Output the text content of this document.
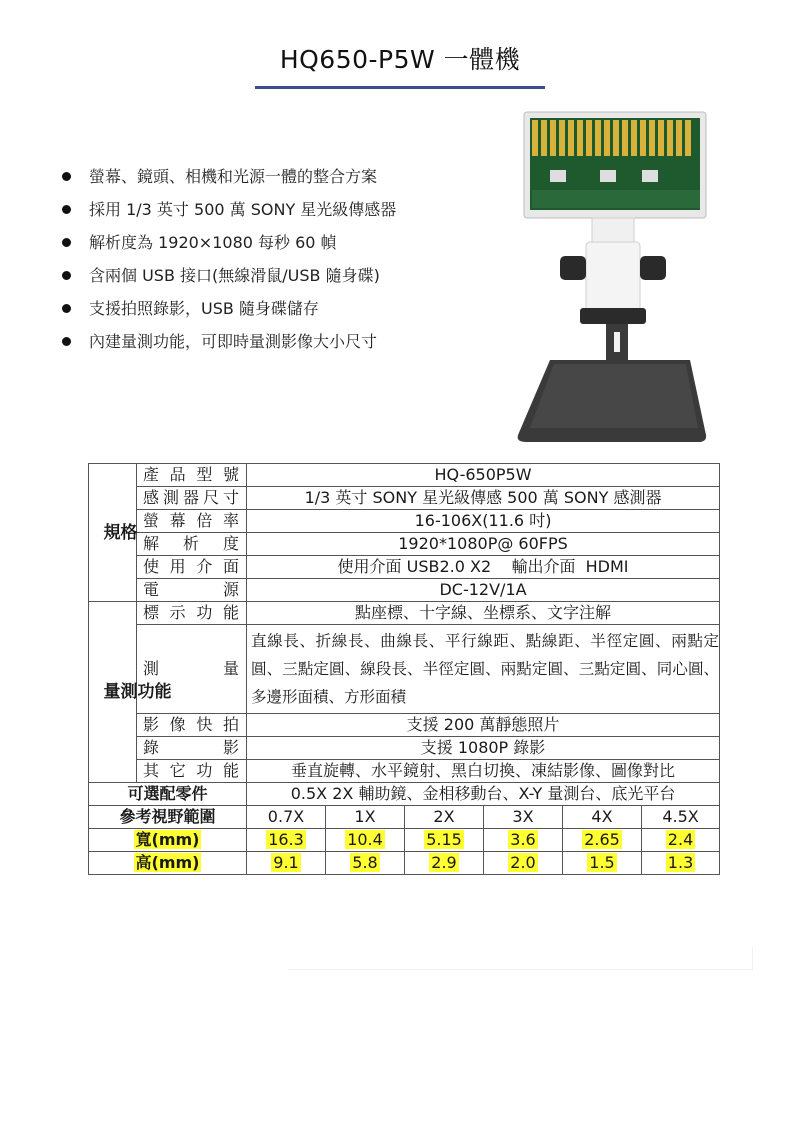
HQ650-P5W 一體機
螢幕、鏡頭、相機和光源一體的整合方案
採用 1/3 英寸 500 萬 SONY 星光級傳感器
解析度為 1920×1080 每秒 60 幀
含兩個 USB 接口(無線滑鼠/USB 隨身碟)
支援拍照錄影，USB 隨身碟儲存
內建量測功能，可即時量測影像大小尺寸
規格	產品型號	HQ-650P5W					
	感測器尺寸	1/3 英寸 SONY 星光級傳感 500 萬 SONY 感測器					
	螢幕倍率	16-106X(11.6 吋)					
	解析度	1920*1080P@ 60FPS					
	使用介面	使用介面 USB2.0 X2    輸出介面  HDMI					
	電源	DC-12V/1A					
量測功能	標示功能	點座標、十字線、坐標系、文字注解					
	測量	直線長、折線長、曲線長、平行線距、點線距、半徑定圓、兩點定圓、三點定圓、線段長、半徑定圓、兩點定圓、三點定圓、同心圓、多邊形面積、方形面積					
	影像快拍	支援 200 萬靜態照片					
	錄影	支援 1080P 錄影					
	其它功能	垂直旋轉、水平鏡射、黑白切換、凍結影像、圖像對比					
可選配零件		0.5X 2X 輔助鏡、金相移動台、X-Y 量測台、底光平台					
參考視野範圍		0.7X	1X	2X	3X	4X	4.5X
寬(mm)		16.3	10.4	5.15	3.6	2.65	2.4
高(mm)		9.1	5.8	2.9	2.0	1.5	1.3
